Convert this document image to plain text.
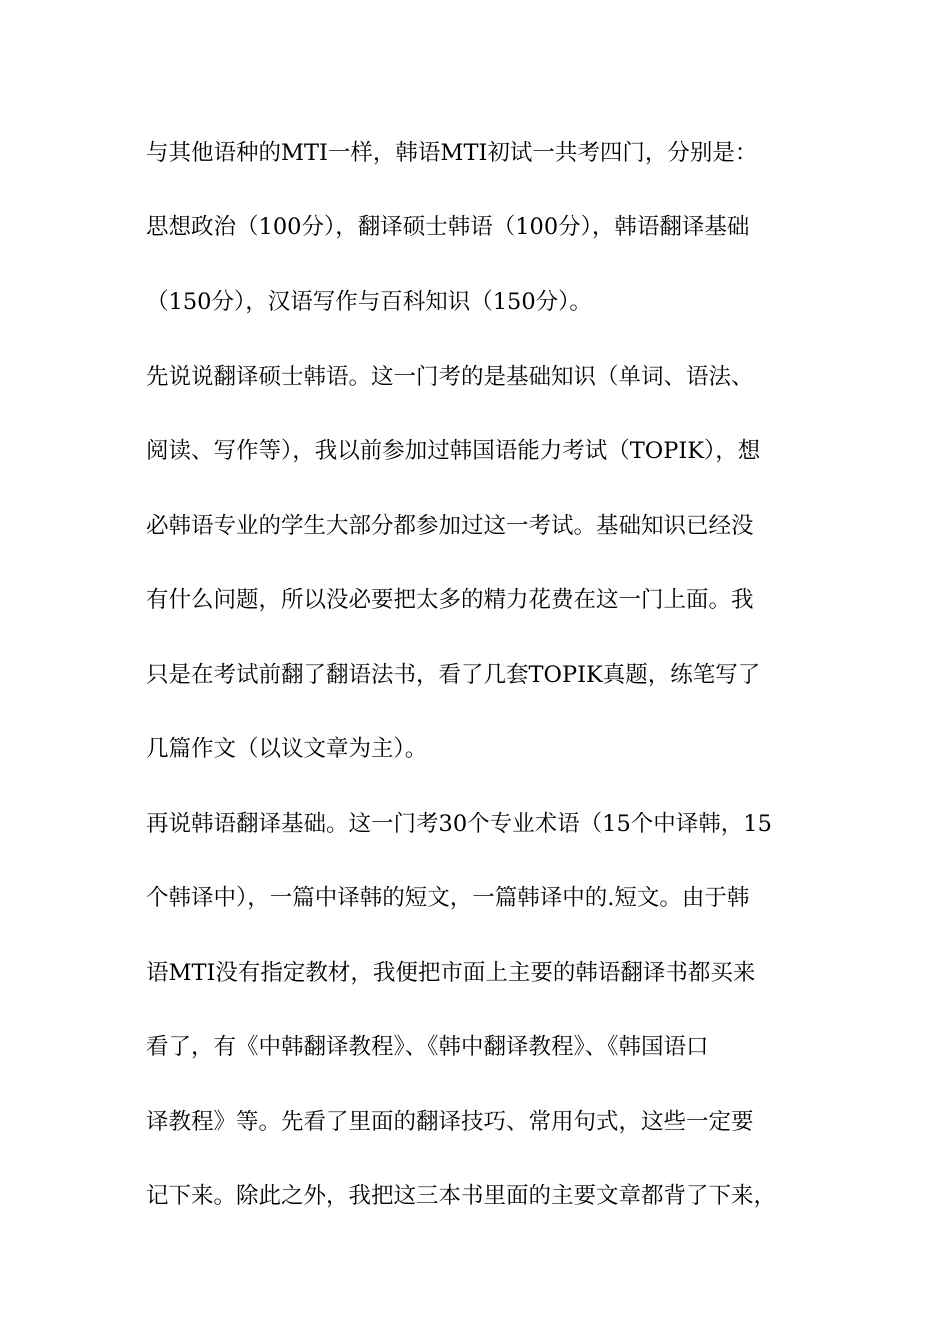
与其他语种的MTI一样，韩语MTI初试一共考四门，分别是：
思想政治（100分），翻译硕士韩语（100分），韩语翻译基础
（150分），汉语写作与百科知识（150分）。
先说说翻译硕士韩语。这一门考的是基础知识（单词、语法、
阅读、写作等），我以前参加过韩国语能力考试（TOPIK），想
必韩语专业的学生大部分都参加过这一考试。基础知识已经没
有什么问题，所以没必要把太多的精力花费在这一门上面。我
只是在考试前翻了翻语法书，看了几套TOPIK真题，练笔写了
几篇作文（以议文章为主）。
再说韩语翻译基础。这一门考30个专业术语（15个中译韩，15
个韩译中），一篇中译韩的短文，一篇韩译中的.短文。由于韩
语MTI没有指定教材，我便把市面上主要的韩语翻译书都买来
看了，有《中韩翻译教程》、《韩中翻译教程》、《韩国语口
译教程》等。先看了里面的翻译技巧、常用句式，这些一定要
记下来。除此之外，我把这三本书里面的主要文章都背了下来，
